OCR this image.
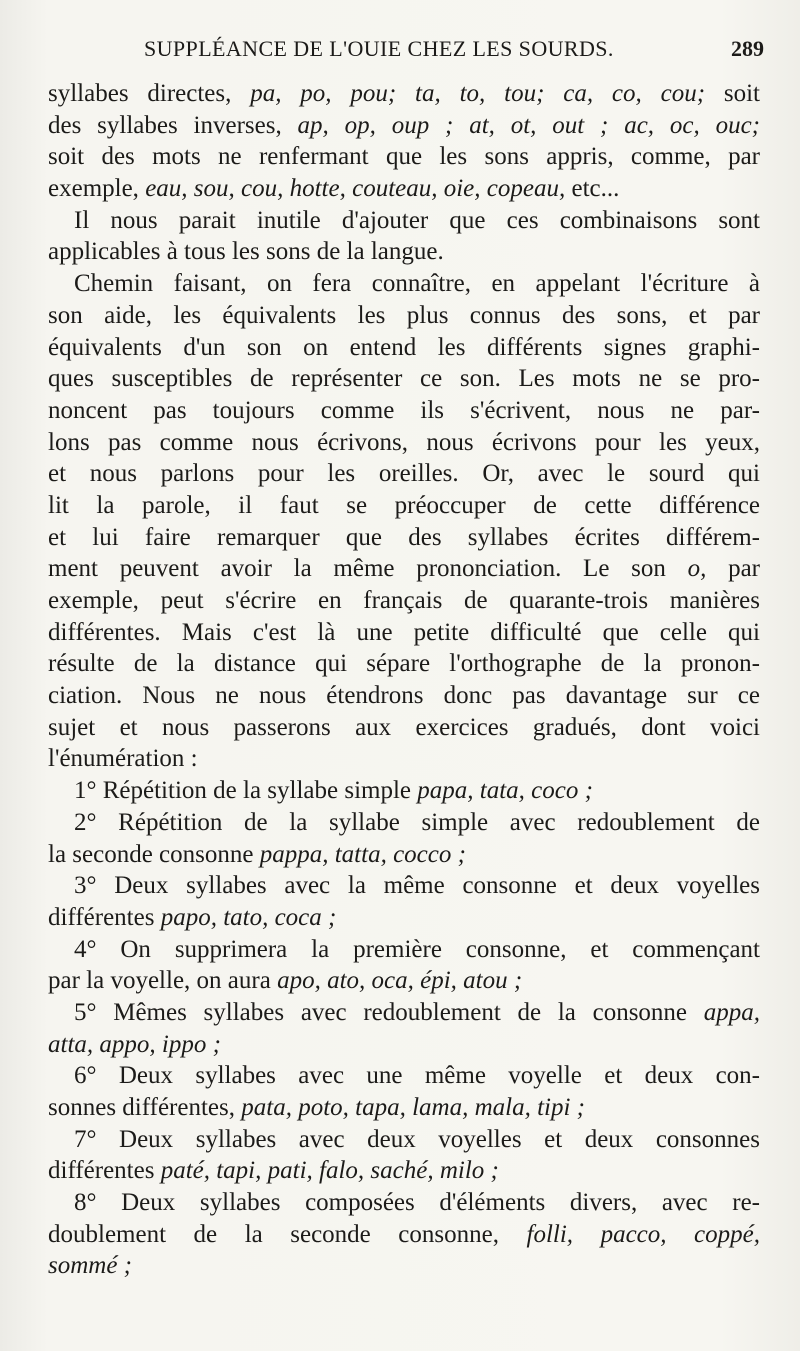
SUPPLÉANCE DE L'OUIE CHEZ LES SOURDS.	289
syllabes directes, pa, po, pou; ta, to, tou; ca, co, cou; soit
des syllabes inverses, ap, op, oup ; at, ot, out ; ac, oc, ouc;
soit des mots ne renfermant que les sons appris, comme, par
exemple, eau, sou, cou, hotte, couteau, oie, copeau, etc...
Il nous parait inutile d'ajouter que ces combinaisons sont
applicables à tous les sons de la langue.
Chemin faisant, on fera connaître, en appelant l'écriture à
son aide, les équivalents les plus connus des sons, et par
équivalents d'un son on entend les différents signes graphi-
ques susceptibles de représenter ce son. Les mots ne se pro-
noncent pas toujours comme ils s'écrivent, nous ne par-
lons pas comme nous écrivons, nous écrivons pour les yeux,
et nous parlons pour les oreilles. Or, avec le sourd qui
lit la parole, il faut se préoccuper de cette différence
et lui faire remarquer que des syllabes écrites différem-
ment peuvent avoir la même prononciation. Le son o, par
exemple, peut s'écrire en français de quarante-trois manières
différentes. Mais c'est là une petite difficulté que celle qui
résulte de la distance qui sépare l'orthographe de la pronon-
ciation. Nous ne nous étendrons donc pas davantage sur ce
sujet et nous passerons aux exercices gradués, dont voici
l'énumération :
1° Répétition de la syllabe simple papa, tata, coco ;
2° Répétition de la syllabe simple avec redoublement de
la seconde consonne pappa, tatta, cocco ;
3° Deux syllabes avec la même consonne et deux voyelles
différentes papo, tato, coca ;
4° On supprimera la première consonne, et commençant
par la voyelle, on aura apo, ato, oca, épi, atou ;
5° Mêmes syllabes avec redoublement de la consonne appa,
atta, appo, ippo ;
6° Deux syllabes avec une même voyelle et deux con-
sonnes différentes, pata, poto, tapa, lama, mala, tipi ;
7° Deux syllabes avec deux voyelles et deux consonnes
différentes paté, tapi, pati, falo, saché, milo ;
8° Deux syllabes composées d'éléments divers, avec re-
doublement de la seconde consonne, folli, pacco, coppé,
sommé ;
